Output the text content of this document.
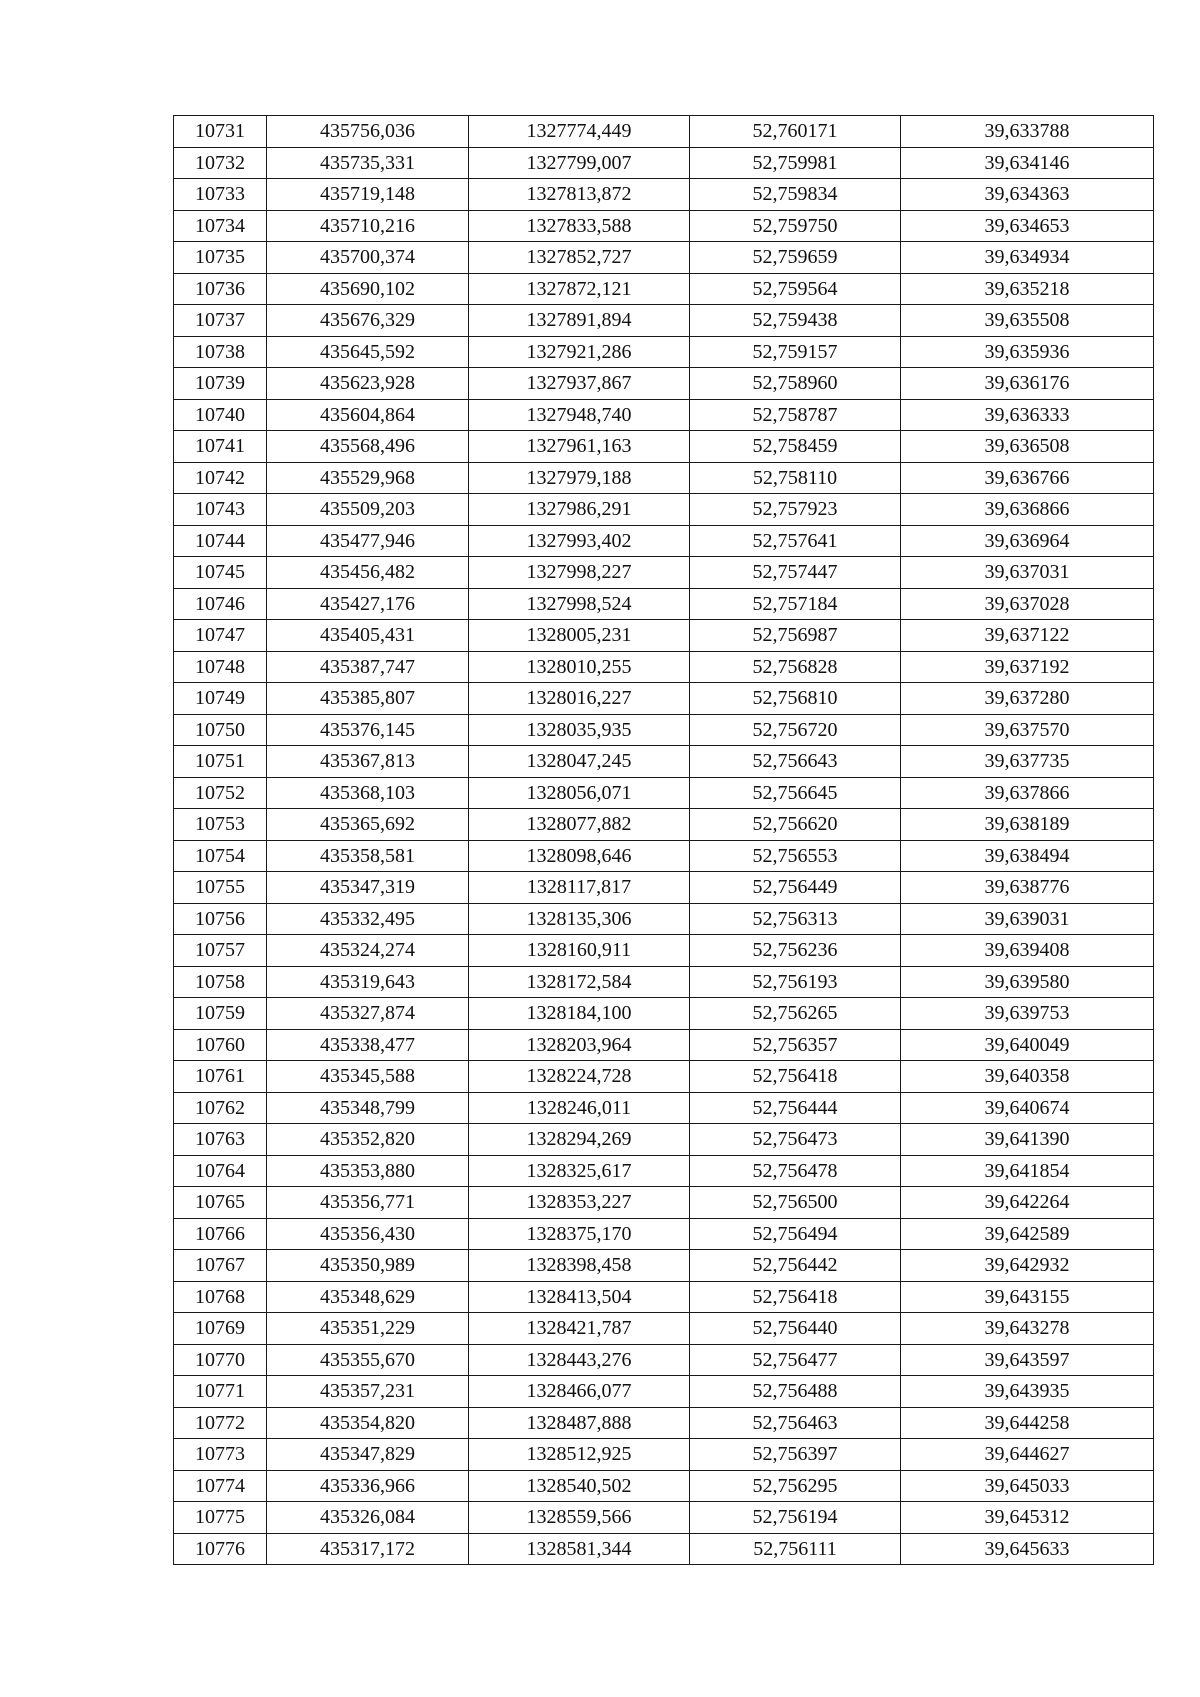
10731	435756,036	1327774,449	52,760171	39,633788
10732	435735,331	1327799,007	52,759981	39,634146
10733	435719,148	1327813,872	52,759834	39,634363
10734	435710,216	1327833,588	52,759750	39,634653
10735	435700,374	1327852,727	52,759659	39,634934
10736	435690,102	1327872,121	52,759564	39,635218
10737	435676,329	1327891,894	52,759438	39,635508
10738	435645,592	1327921,286	52,759157	39,635936
10739	435623,928	1327937,867	52,758960	39,636176
10740	435604,864	1327948,740	52,758787	39,636333
10741	435568,496	1327961,163	52,758459	39,636508
10742	435529,968	1327979,188	52,758110	39,636766
10743	435509,203	1327986,291	52,757923	39,636866
10744	435477,946	1327993,402	52,757641	39,636964
10745	435456,482	1327998,227	52,757447	39,637031
10746	435427,176	1327998,524	52,757184	39,637028
10747	435405,431	1328005,231	52,756987	39,637122
10748	435387,747	1328010,255	52,756828	39,637192
10749	435385,807	1328016,227	52,756810	39,637280
10750	435376,145	1328035,935	52,756720	39,637570
10751	435367,813	1328047,245	52,756643	39,637735
10752	435368,103	1328056,071	52,756645	39,637866
10753	435365,692	1328077,882	52,756620	39,638189
10754	435358,581	1328098,646	52,756553	39,638494
10755	435347,319	1328117,817	52,756449	39,638776
10756	435332,495	1328135,306	52,756313	39,639031
10757	435324,274	1328160,911	52,756236	39,639408
10758	435319,643	1328172,584	52,756193	39,639580
10759	435327,874	1328184,100	52,756265	39,639753
10760	435338,477	1328203,964	52,756357	39,640049
10761	435345,588	1328224,728	52,756418	39,640358
10762	435348,799	1328246,011	52,756444	39,640674
10763	435352,820	1328294,269	52,756473	39,641390
10764	435353,880	1328325,617	52,756478	39,641854
10765	435356,771	1328353,227	52,756500	39,642264
10766	435356,430	1328375,170	52,756494	39,642589
10767	435350,989	1328398,458	52,756442	39,642932
10768	435348,629	1328413,504	52,756418	39,643155
10769	435351,229	1328421,787	52,756440	39,643278
10770	435355,670	1328443,276	52,756477	39,643597
10771	435357,231	1328466,077	52,756488	39,643935
10772	435354,820	1328487,888	52,756463	39,644258
10773	435347,829	1328512,925	52,756397	39,644627
10774	435336,966	1328540,502	52,756295	39,645033
10775	435326,084	1328559,566	52,756194	39,645312
10776	435317,172	1328581,344	52,756111	39,645633
